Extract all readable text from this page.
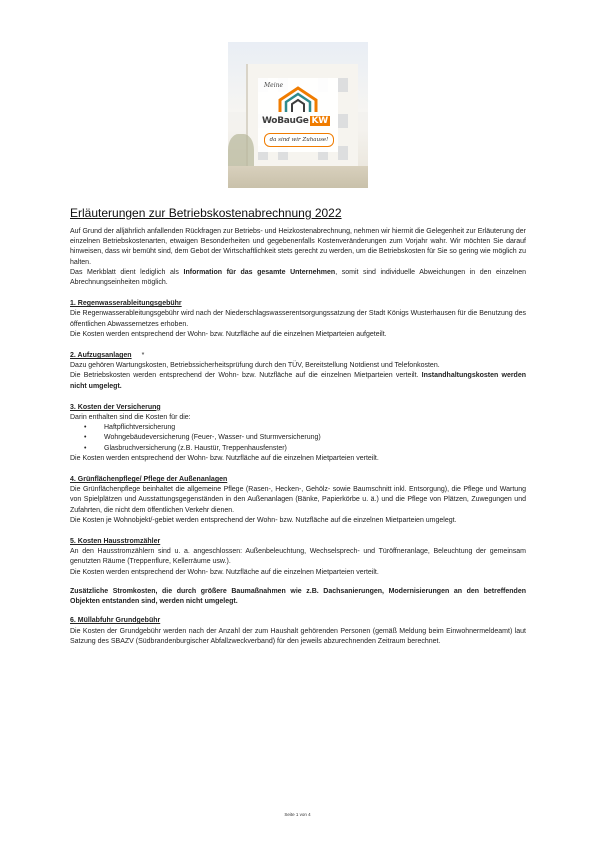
Meine
WoBauGe KW
da sind wir Zuhause!
Erläuterungen zur Betriebskostenabrechnung 2022

Auf Grund der alljährlich anfallenden Rückfragen zur Betriebs- und Heizkostenabrechnung, nehmen wir hiermit die Gelegenheit zur Erläuterung der einzelnen Betriebskostenarten, etwaigen Besonderheiten und gegebenenfalls Kostenveränderungen zum Vorjahr wahr. Wir möchten Sie darauf hinweisen, dass wir bemüht sind, dem Gebot der Wirtschaftlichkeit stets gerecht zu werden, um die Betriebskosten für Sie so gering wie möglich zu halten.

Das Merkblatt dient lediglich als Information für das gesamte Unternehmen, somit sind individuelle Abweichungen in den einzelnen Abrechnungseinheiten möglich.

1. Regenwasserableitungsgebühr

Die Regenwasserableitungsgebühr wird nach der Niederschlagswasserentsorgungssatzung der Stadt Königs Wusterhausen für die Benutzung des öffentlichen Abwassernetzes erhoben.

Die Kosten werden entsprechend der Wohn- bzw. Nutzfläche auf die einzelnen Mietparteien aufgeteilt.

2. Aufzugsanlagen *

Dazu gehören Wartungskosten, Betriebssicherheitsprüfung durch den TÜV, Bereitstellung Notdienst und Telefonkosten.

Die Betriebskosten werden entsprechend der Wohn- bzw. Nutzfläche auf die einzelnen Mietparteien verteilt. Instandhaltungskosten werden nicht umgelegt.

3. Kosten der Versicherung

Darin enthalten sind die Kosten für die:

• Haftpflichtversicherung
• Wohngebäudeversicherung (Feuer-, Wasser- und Sturmversicherung)
• Glasbruchversicherung (z.B. Haustür, Treppenhausfenster)

Die Kosten werden entsprechend der Wohn- bzw. Nutzfläche auf die einzelnen Mietparteien verteilt.

4. Grünflächenpflege/ Pflege der Außenanlagen

Die Grünflächenpflege beinhaltet die allgemeine Pflege (Rasen-, Hecken-, Gehölz- sowie Baumschnitt inkl. Entsorgung), die Pflege und Wartung von Spielplätzen und Ausstattungsgegenständen in den Außenanlagen (Bänke, Papierkörbe u. ä.) und die Pflege von Plätzen, Zuwegungen und Zufahrten, die nicht dem öffentlichen Verkehr dienen.

Die Kosten je Wohnobjekt/-gebiet werden entsprechend der Wohn- bzw. Nutzfläche auf die einzelnen Mietparteien umgelegt.

5. Kosten Hausstromzähler

An den Hausstromzählern sind u. a. angeschlossen: Außenbeleuchtung, Wechselsprech- und Türöffneranlage, Beleuchtung der gemeinsam genutzten Räume (Treppenflure, Kellerräume usw.).

Die Kosten werden entsprechend der Wohn- bzw. Nutzfläche auf die einzelnen Mietparteien verteilt.

Zusätzliche Stromkosten, die durch größere Baumaßnahmen wie z.B. Dachsanierungen, Modernisierungen an den betreffenden Objekten entstanden sind, werden nicht umgelegt.

6. Müllabfuhr Grundgebühr

Die Kosten der Grundgebühr werden nach der Anzahl der zum Haushalt gehörenden Personen (gemäß Meldung beim Einwohnermeldeamt) laut Satzung des SBAZV (Südbrandenburgischer Abfallzweckverband) für den jeweils abzurechnenden Zeitraum berechnet.

Seite 1 von 4
